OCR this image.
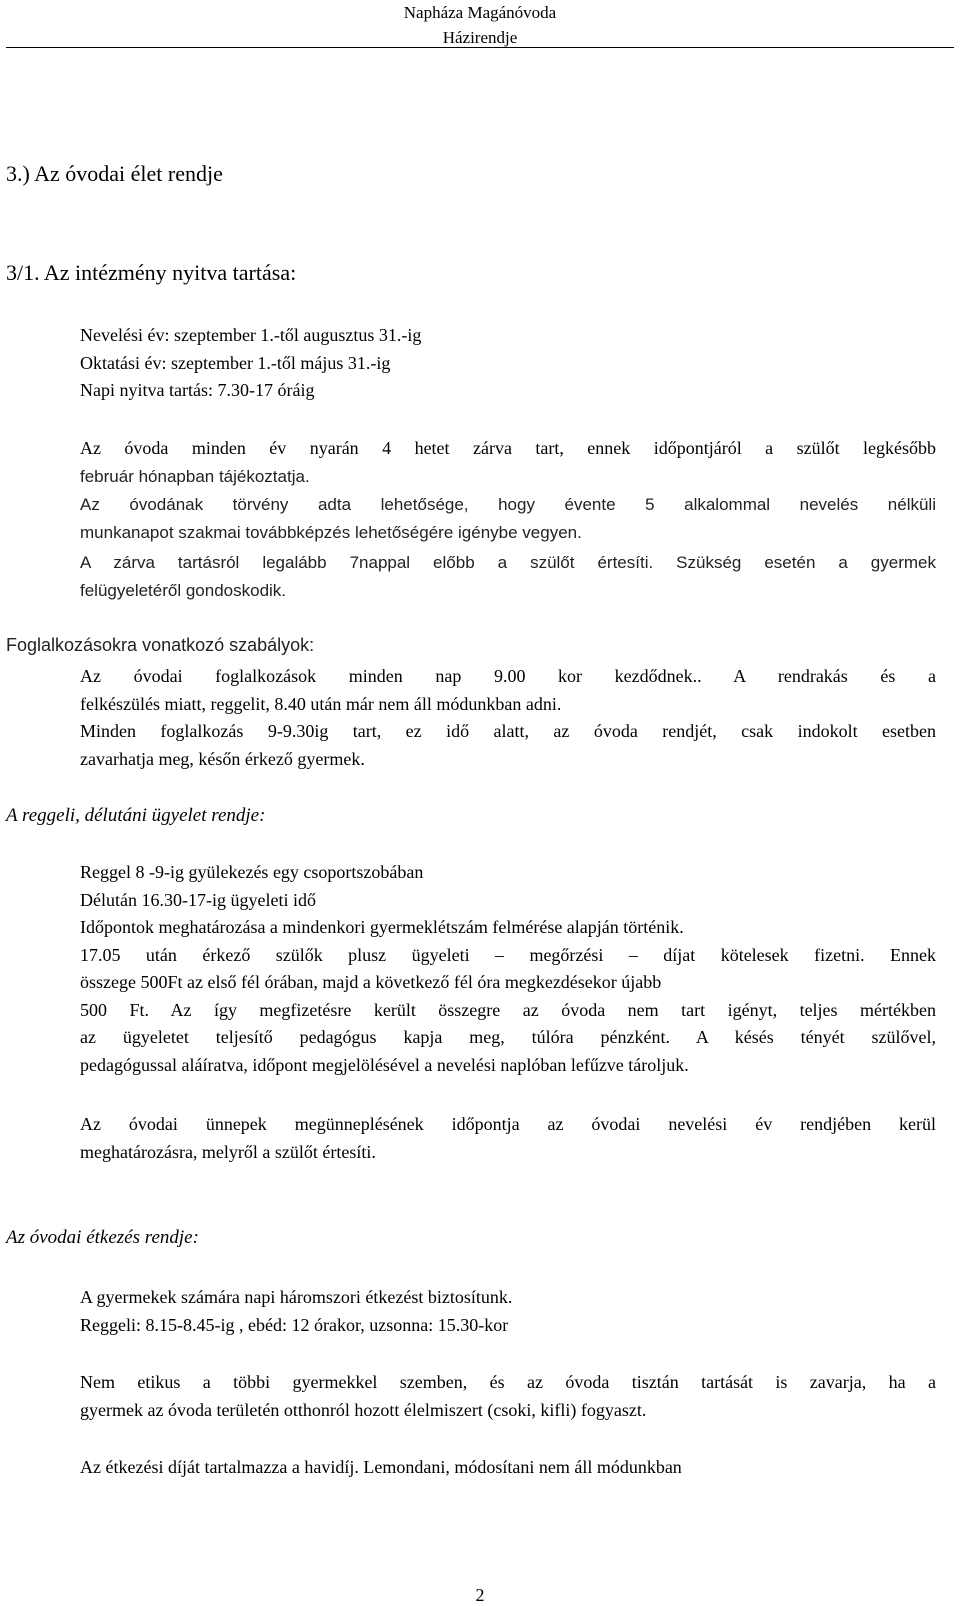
Napháza Magánóvoda
Házirendje
3.) Az óvodai élet rendje
3/1. Az intézmény nyitva tartása:
Nevelési év: szeptember 1.-től augusztus 31.-ig
Oktatási év: szeptember 1.-től május 31.-ig
Napi nyitva tartás: 7.30-17 óráig
Az óvoda minden év nyarán 4 hetet zárva tart, ennek időpontjáról a szülőt legkésőbb
február hónapban tájékoztatja.
Az óvodának törvény adta lehetősége, hogy évente 5 alkalommal nevelés nélküli
munkanapot szakmai továbbképzés lehetőségére igénybe vegyen.
A zárva tartásról legalább 7nappal előbb a szülőt értesíti. Szükség esetén a gyermek
felügyeletéről gondoskodik.
Foglalkozásokra vonatkozó szabályok:
Az óvodai foglalkozások minden nap 9.00 kor kezdődnek.. A rendrakás és a
felkészülés miatt, reggelit, 8.40 után már nem áll módunkban adni.
Minden foglalkozás 9-9.30ig tart, ez idő alatt, az óvoda rendjét, csak indokolt esetben
zavarhatja meg, későn érkező gyermek.
A reggeli, délutáni ügyelet rendje:
Reggel 8 -9-ig gyülekezés egy csoportszobában
Délután 16.30-17-ig ügyeleti idő
Időpontok meghatározása a mindenkori gyermeklétszám felmérése alapján történik.
17.05 után érkező szülők plusz ügyeleti – megőrzési – díjat kötelesek fizetni. Ennek
összege 500Ft az első fél órában, majd a következő fél óra megkezdésekor újabb
500 Ft. Az így megfizetésre került összegre az óvoda nem tart igényt, teljes mértékben
az ügyeletet teljesítő pedagógus kapja meg, túlóra pénzként. A késés tényét szülővel,
pedagógussal aláíratva, időpont megjelölésével a nevelési naplóban lefűzve tároljuk.
Az óvodai ünnepek megünneplésének időpontja az óvodai nevelési év rendjében kerül
meghatározásra, melyről a szülőt értesíti.
Az óvodai étkezés rendje:
A gyermekek számára napi háromszori étkezést biztosítunk.
Reggeli: 8.15-8.45-ig , ebéd: 12 órakor, uzsonna: 15.30-kor
Nem etikus a többi gyermekkel szemben, és az óvoda tisztán tartását is zavarja, ha a
gyermek az óvoda területén otthonról hozott élelmiszert (csoki, kifli) fogyaszt.
Az étkezési díját tartalmazza a havidíj. Lemondani, módosítani nem áll módunkban
2
